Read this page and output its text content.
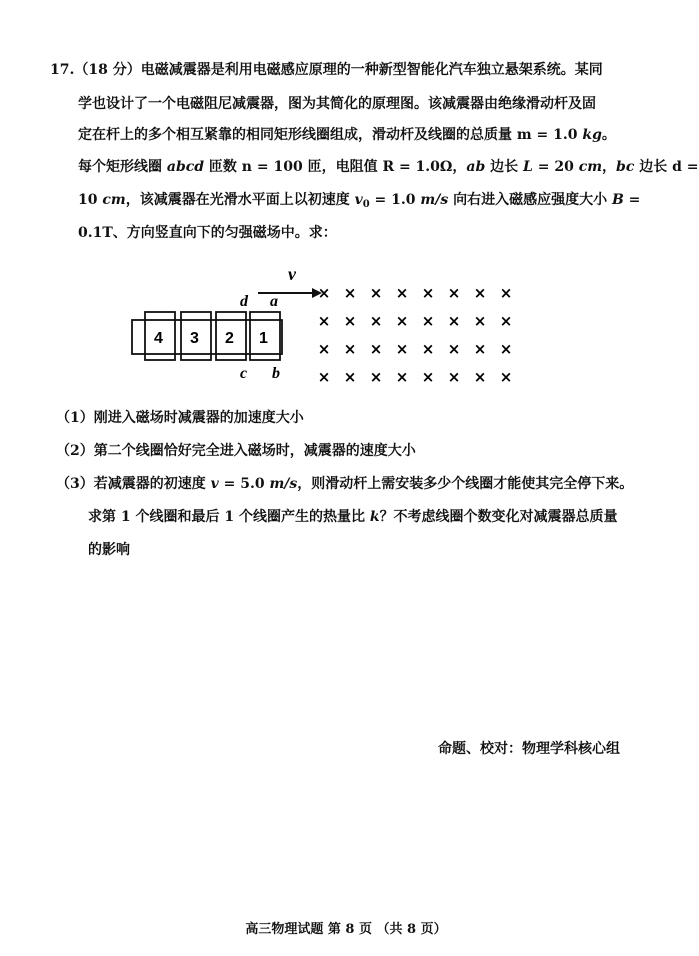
17.（18 分）电磁减震器是利用电磁感应原理的一种新型智能化汽车独立悬架系统。某同
学也设计了一个电磁阻尼减震器，图为其简化的原理图。该减震器由绝缘滑动杆及固
定在杆上的多个相互紧靠的相同矩形线圈组成，滑动杆及线圈的总质量 m = 1.0 kg。
每个矩形线圈 abcd 匝数 n = 100 匝，电阻值 R = 1.0Ω，ab 边长 L = 20 cm，bc 边长 d =
10 cm，该减震器在光滑水平面上以初速度 $v_0 = 1.0$ m/s 向右进入磁感应强度大小 B =
0.1T、方向竖直向下的匀强磁场中。求：
v
d a
c b
4 3 2 1
× × × × × × × ×
× × × × × × × ×
× × × × × × × ×
× × × × × × × ×
（1）刚进入磁场时减震器的加速度大小
（2）第二个线圈恰好完全进入磁场时，减震器的速度大小
（3）若减震器的初速度 v = 5.0 m/s，则滑动杆上需安装多少个线圈才能使其完全停下来。
求第 1 个线圈和最后 1 个线圈产生的热量比 k？不考虑线圈个数变化对减震器总质量
的影响
命题、校对：物理学科核心组
高三物理试题 第 8 页 （共 8 页）
